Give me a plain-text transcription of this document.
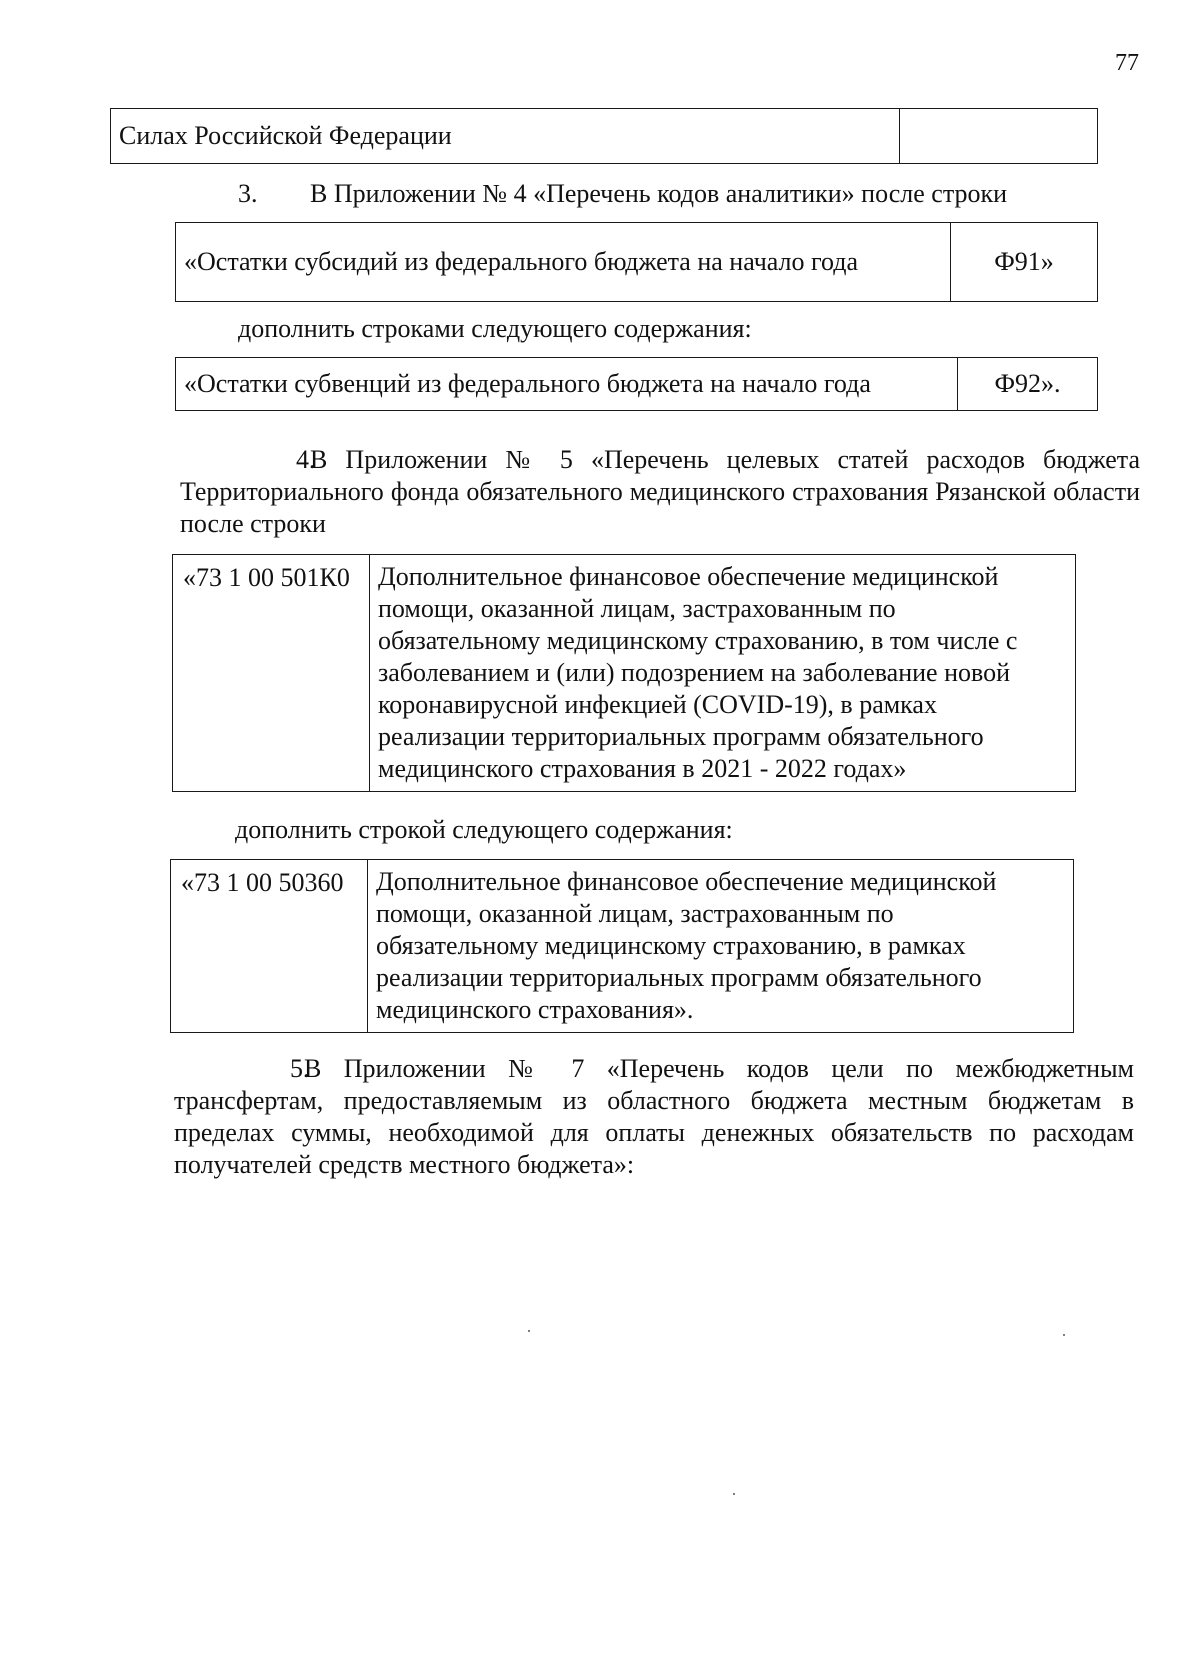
77
Силах Российской Федерации	
3. В Приложении № 4 «Перечень кодов аналитики» после строки
«Остатки субсидий из федерального бюджета на начало года	Ф91»
дополнить строками следующего содержания:
«Остатки субвенций из федерального бюджета на начало года	Ф92».
4.В Приложении № 5 «Перечень целевых статей расходов бюджета Территориального фонда обязательного медицинского страхования Рязанской области после строки
«73 1 00 501К0	Дополнительное финансовое обеспечение медицинской
помощи, оказанной лицам, застрахованным по
обязательному медицинскому страхованию, в том числе с
заболеванием и (или) подозрением на заболевание новой
коронавирусной инфекцией (COVID-19), в рамках
реализации территориальных программ обязательного
медицинского страхования в 2021 - 2022 годах»
дополнить строкой следующего содержания:
«73 1 00 50360	Дополнительное финансовое обеспечение медицинской
помощи, оказанной лицам, застрахованным по
обязательному медицинскому страхованию, в рамках
реализации территориальных программ обязательного
медицинского страхования».
5.В Приложении № 7 «Перечень кодов цели по межбюджетным трансфертам, предоставляемым из областного бюджета местным бюджетам в пределах суммы, необходимой для оплаты денежных обязательств по расходам получателей средств местного бюджета»:
